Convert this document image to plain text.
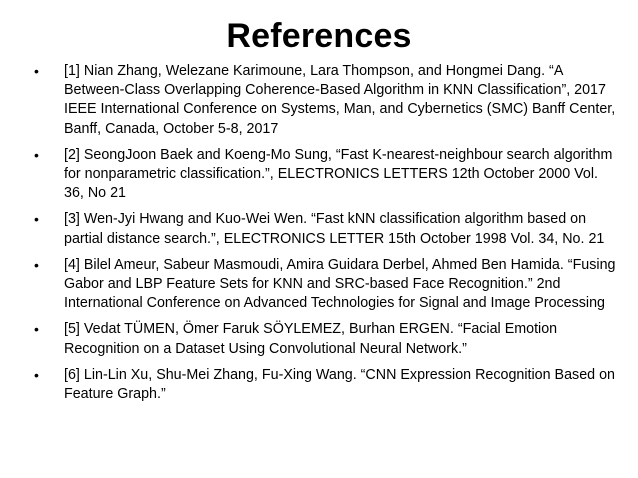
References
• [1] Nian Zhang, Welezane Karimoune, Lara Thompson, and Hongmei Dang. “A Between-Class Overlapping Coherence-Based Algorithm in KNN Classification”, 2017 IEEE International Conference on Systems, Man, and Cybernetics (SMC) Banff Center, Banff, Canada, October 5-8, 2017
• [2] SeongJoon Baek and Koeng-Mo Sung, “Fast K-nearest-neighbour search algorithm for nonparametric classification.”, ELECTRONICS LETTERS 12th October 2000 Vol. 36, No 21
• [3] Wen-Jyi Hwang and Kuo-Wei Wen. “Fast kNN classification algorithm based on partial distance search.”, ELECTRONICS LETTER 15th October 1998 Vol. 34, No. 21
• [4] Bilel Ameur, Sabeur Masmoudi, Amira Guidara Derbel, Ahmed Ben Hamida. “Fusing Gabor and LBP Feature Sets for KNN and SRC-based Face Recognition.” 2nd International Conference on Advanced Technologies for Signal and Image Processing
• [5] Vedat TÜMEN, Ömer Faruk SÖYLEMEZ, Burhan ERGEN. “Facial Emotion Recognition on a Dataset Using Convolutional Neural Network.”
• [6] Lin-Lin Xu, Shu-Mei Zhang, Fu-Xing Wang. “CNN Expression Recognition Based on Feature Graph.”
